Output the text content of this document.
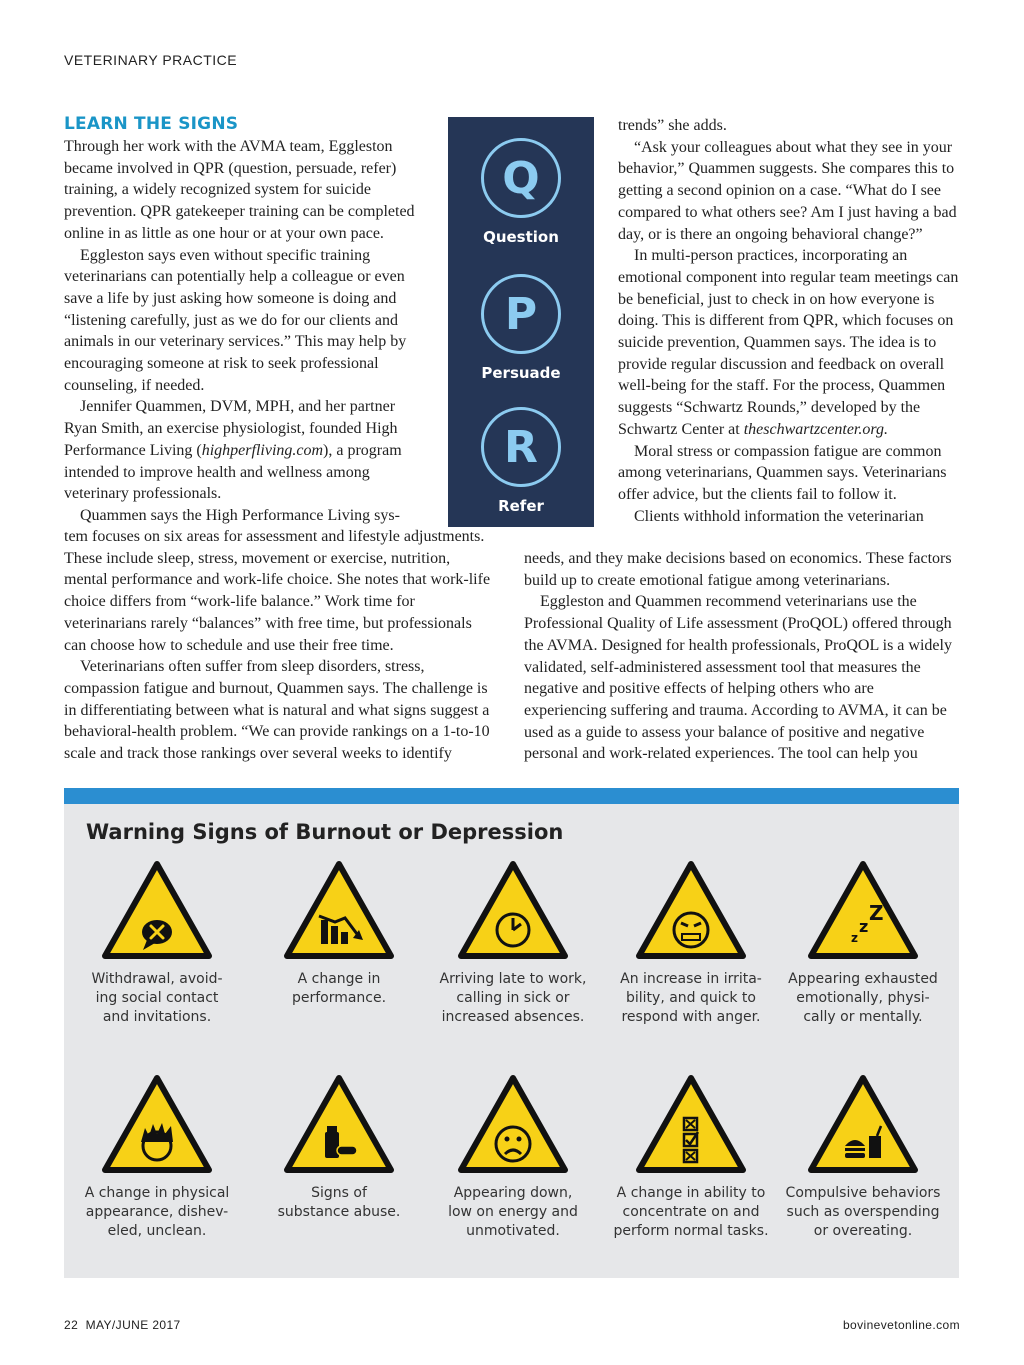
VETERINARY PRACTICE
LEARN THE SIGNS

Through her work with the AVMA team, Eggleston became involved in QPR (question, persuade, refer) training, a widely recognized system for suicide prevention. QPR gatekeeper training can be completed online in as little as one hour or at your own pace.

Eggleston says even without specific training veterinarians can potentially help a colleague or even save a life by just asking how someone is doing and “listening carefully, just as we do for our clients and animals in our veterinary services.” This may help by encouraging someone at risk to seek professional counseling, if needed.

Jennifer Quammen, DVM, MPH, and her partner Ryan Smith, an exercise physiologist, founded High Performance Living (highperfliving.com), a program intended to improve health and wellness among veterinary professionals.

Quammen says the High Performance Living sys-

tem focuses on six areas for assessment and lifestyle adjustments. These include sleep, stress, movement or exercise, nutrition, mental performance and work-life choice. She notes that work-life choice differs from “work-life balance.” Work time for veterinarians rarely “balances” with free time, but professionals can choose how to schedule and use their free time.

Veterinarians often suffer from sleep disorders, stress, compassion fatigue and burnout, Quammen says. The challenge is in differentiating between what is natural and what signs suggest a behavioral-health problem. “We can provide rankings on a 1-to-10 scale and track those rankings over several weeks to identify

Q
Question
P
Persuade
R
Refer

trends” she adds.

“Ask your colleagues about what they see in your behavior,” Quammen suggests. She compares this to getting a second opinion on a case. “What do I see compared to what others see? Am I just having a bad day, or is there an ongoing behavioral change?”

In multi-person practices, incorporating an emotional component into regular team meetings can be beneficial, just to check in on how everyone is doing. This is different from QPR, which focuses on suicide prevention, Quammen says. The idea is to provide regular discussion and feedback on overall well-being for the staff. For the process, Quammen suggests “Schwartz Rounds,” developed by the Schwartz Center at theschwartzcenter.org.

Moral stress or compassion fatigue are common among veterinarians, Quammen says. Veterinarians offer advice, but the clients fail to follow it.

Clients withhold information the veterinarian

needs, and they make decisions based on economics. These factors build up to create emotional fatigue among veterinarians.

Eggleston and Quammen recommend veterinarians use the Professional Quality of Life assessment (ProQOL) offered through the AVMA. Designed for health professionals, ProQOL is a widely validated, self-administered assessment tool that measures the negative and positive effects of helping others who are experiencing suffering and trauma. According to AVMA, it can be used as a guide to assess your balance of positive and negative personal and work-related experiences. The tool can help you

Warning Signs of Burnout or Depression
Withdrawal, avoid-
ing social contact
and invitations.
A change in
performance.
Arriving late to work,
calling in sick or
increased absences.
An increase in irrita-
bility, and quick to
respond with anger.
z
z
Z
Appearing exhausted
emotionally, physi-
cally or mentally.
A change in physical
appearance, dishev-
eled, unclean.
Signs of
substance abuse.
Appearing down,
low on energy and
unmotivated.
A change in ability to
concentrate on and
perform normal tasks.
Compulsive behaviors
such as overspending
or overeating.
22  MAY/JUNE 2017	bovinevetonline.com
